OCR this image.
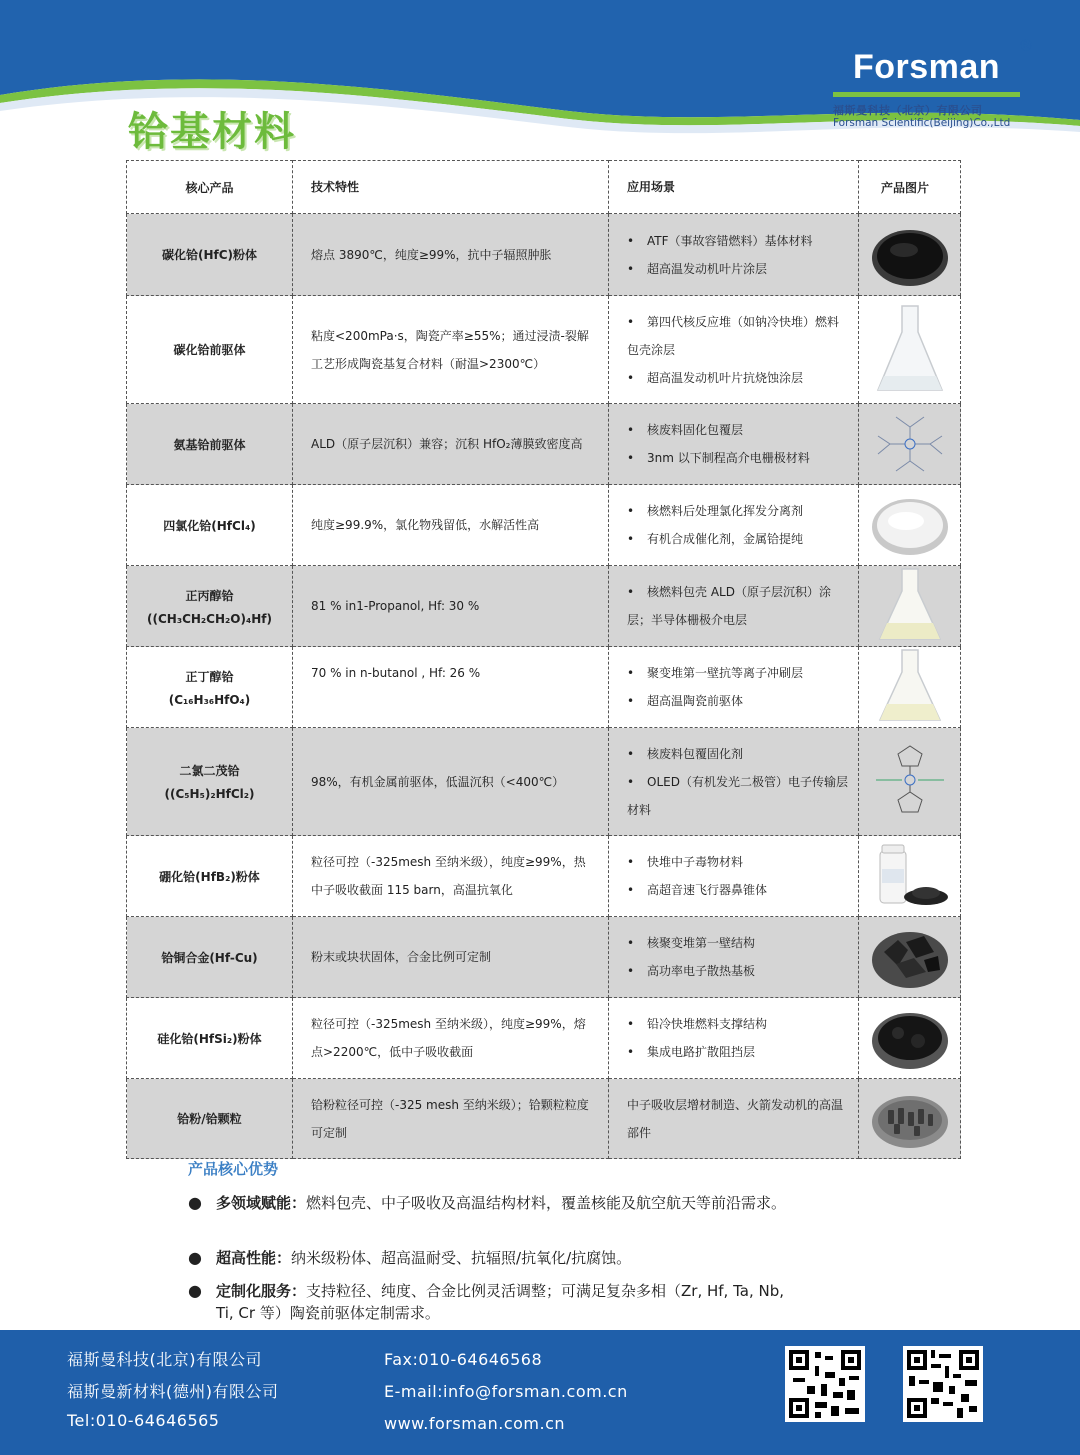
Forsman
®
福斯曼科技（北京）有限公司
Forsman Scientific(Beijing)Co.,Ltd
铪基材料
核心产品	技术特性	应用场景	产品图片
碳化铪(HfC)粉体	熔点 3890℃，纯度≥99%，抗中子辐照肿胀	• ATF（事故容错燃料）基体材料
• 超高温发动机叶片涂层

碳化铪前驱体	粘度<200mPa·s，陶瓷产率≥55%；通过浸渍-裂解工艺形成陶瓷基复合材料（耐温>2300℃）	• 第四代核反应堆（如钠冷快堆）燃料包壳涂层
• 超高温发动机叶片抗烧蚀涂层

氨基铪前驱体	ALD（原子层沉积）兼容；沉积 HfO₂薄膜致密度高	• 核废料固化包覆层
• 3nm 以下制程高介电栅极材料

四氯化铪(HfCl₄)	纯度≥99.9%，氯化物残留低，水解活性高	• 核燃料后处理氯化挥发分离剂
• 有机合成催化剂，金属铪提纯

正丙醇铪
((CH₃CH₂CH₂O)₄Hf)	81 % in1-Propanol, Hf: 30 %	• 核燃料包壳 ALD（原子层沉积）涂层；半导体栅极介电层

正丁醇铪
(C₁₆H₃₆HfO₄)	70 % in n-butanol , Hf: 26 %	• 聚变堆第一壁抗等离子冲刷层
• 超高温陶瓷前驱体

二氯二茂铪
((C₅H₅)₂HfCl₂)	98%，有机金属前驱体，低温沉积（<400℃）	• 核废料包覆固化剂
• OLED（有机发光二极管）电子传输层材料

硼化铪(HfB₂)粉体	粒径可控（-325mesh 至纳米级），纯度≥99%，热中子吸收截面 115 barn，高温抗氧化	• 快堆中子毒物材料
• 高超音速飞行器鼻锥体

铪铜合金(Hf-Cu)	粉末或块状固体，合金比例可定制	• 核聚变堆第一壁结构
• 高功率电子散热基板

硅化铪(HfSi₂)粉体	粒径可控（-325mesh 至纳米级），纯度≥99%，熔点>2200℃，低中子吸收截面	• 铅冷快堆燃料支撑结构
• 集成电路扩散阻挡层

铪粉/铪颗粒	铪粉粒径可控（-325 mesh 至纳米级）；铪颗粒粒度可定制	中子吸收层增材制造、火箭发动机的高温部件	
产品核心优势
● 多领域赋能：燃料包壳、中子吸收及高温结构材料，覆盖核能及航空航天等前沿需求。
● 超高性能：纳米级粉体、超高温耐受、抗辐照/抗氧化/抗腐蚀。
● 定制化服务：支持粒径、纯度、合金比例灵活调整；可满足复杂多相（Zr, Hf, Ta, Nb, Ti, Cr 等）陶瓷前驱体定制需求。
福斯曼科技(北京)有限公司
福斯曼新材料(德州)有限公司
Tel:010-64646565
Fax:010-64646568
E-mail:info@forsman.com.cn
www.forsman.com.cn
